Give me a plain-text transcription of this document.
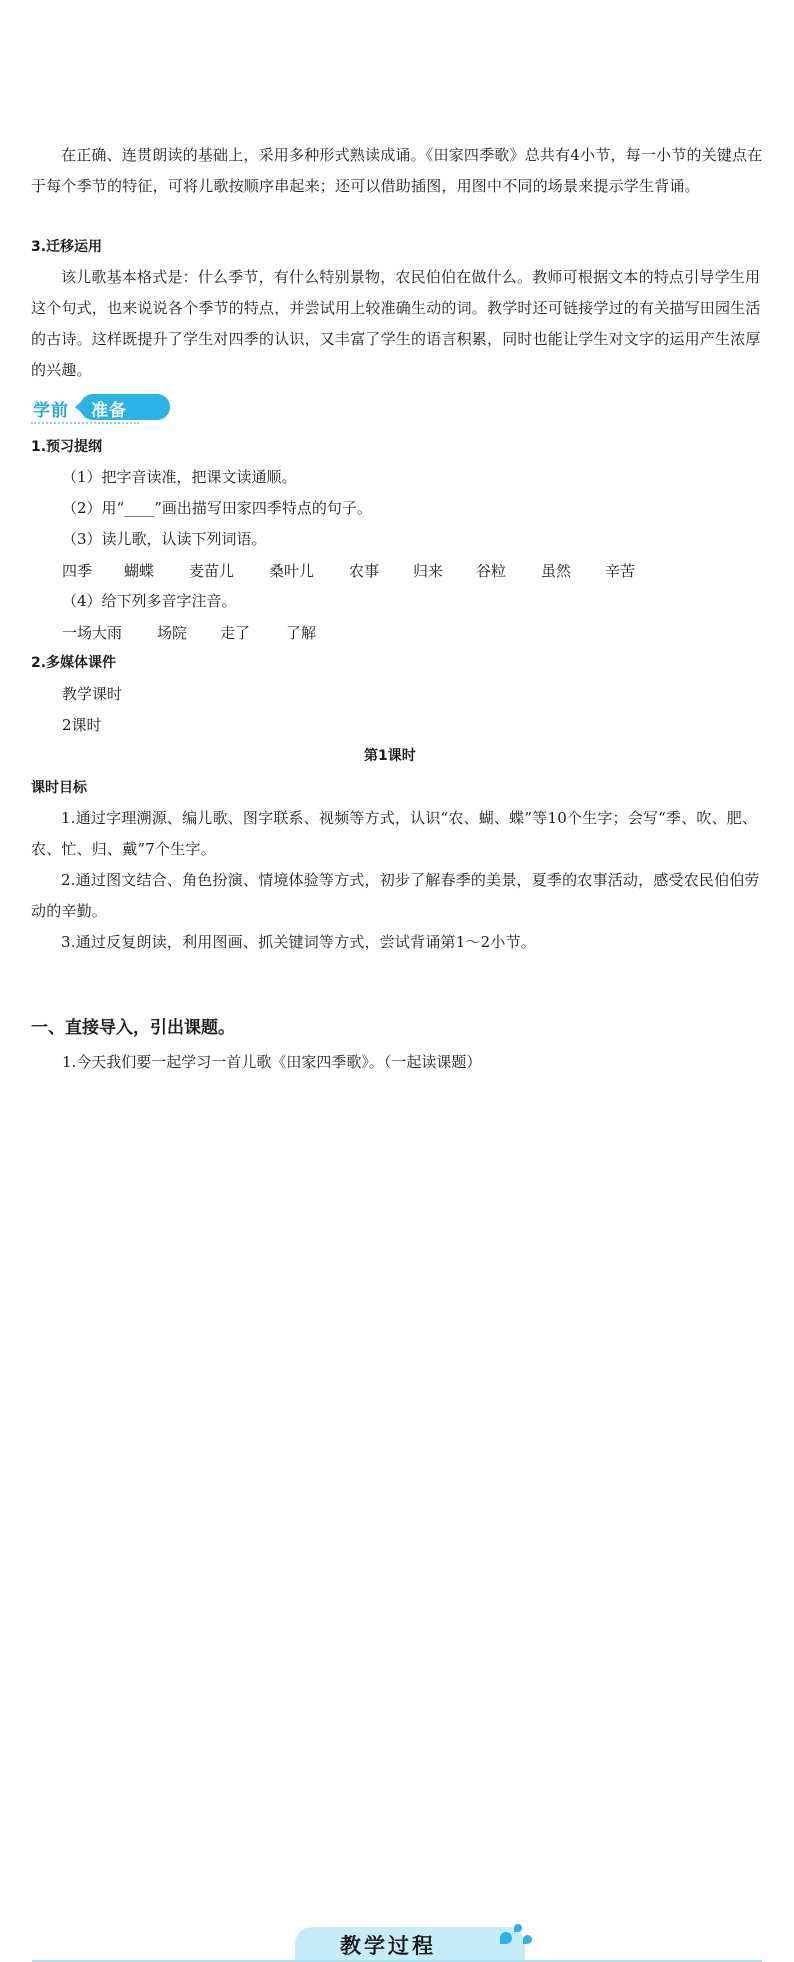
在正确、连贯朗读的基础上，采用多种形式熟读成诵。《田家四季歌》总共有4小节，每一小节的关键点在于每个季节的特征，可将儿歌按顺序串起来；还可以借助插图，用图中不同的场景来提示学生背诵。
3.迁移运用
该儿歌基本格式是：什么季节，有什么特别景物，农民伯伯在做什么。教师可根据文本的特点引导学生用这个句式，也来说说各个季节的特点，并尝试用上较准确生动的词。教学时还可链接学过的有关描写田园生活的古诗。这样既提升了学生对四季的认识，又丰富了学生的语言积累，同时也能让学生对文字的运用产生浓厚的兴趣。
学前 准备
1.预习提纲
（1）把字音读准，把课文读通顺。
（2）用“____”画出描写田家四季特点的句子。
（3）读儿歌，认读下列词语。
四季 蝴蝶 麦苗儿 桑叶儿 农事 归来 谷粒 虽然 辛苦
（4）给下列多音字注音。
一场大雨 场院 走了 了解
2.多媒体课件
教学课时
2课时
第1课时
课时目标
1.通过字理溯源、编儿歌、图字联系、视频等方式，认识“农、蝴、蝶”等10个生字；会写“季、吹、肥、农、忙、归、戴”7个生字。
2.通过图文结合、角色扮演、情境体验等方式，初步了解春季的美景，夏季的农事活动，感受农民伯伯劳动的辛勤。
3.通过反复朗读，利用图画、抓关键词等方式，尝试背诵第1～2小节。
教学过程
一、直接导入，引出课题。
1.今天我们要一起学习一首儿歌《田家四季歌》。（一起读课题）
